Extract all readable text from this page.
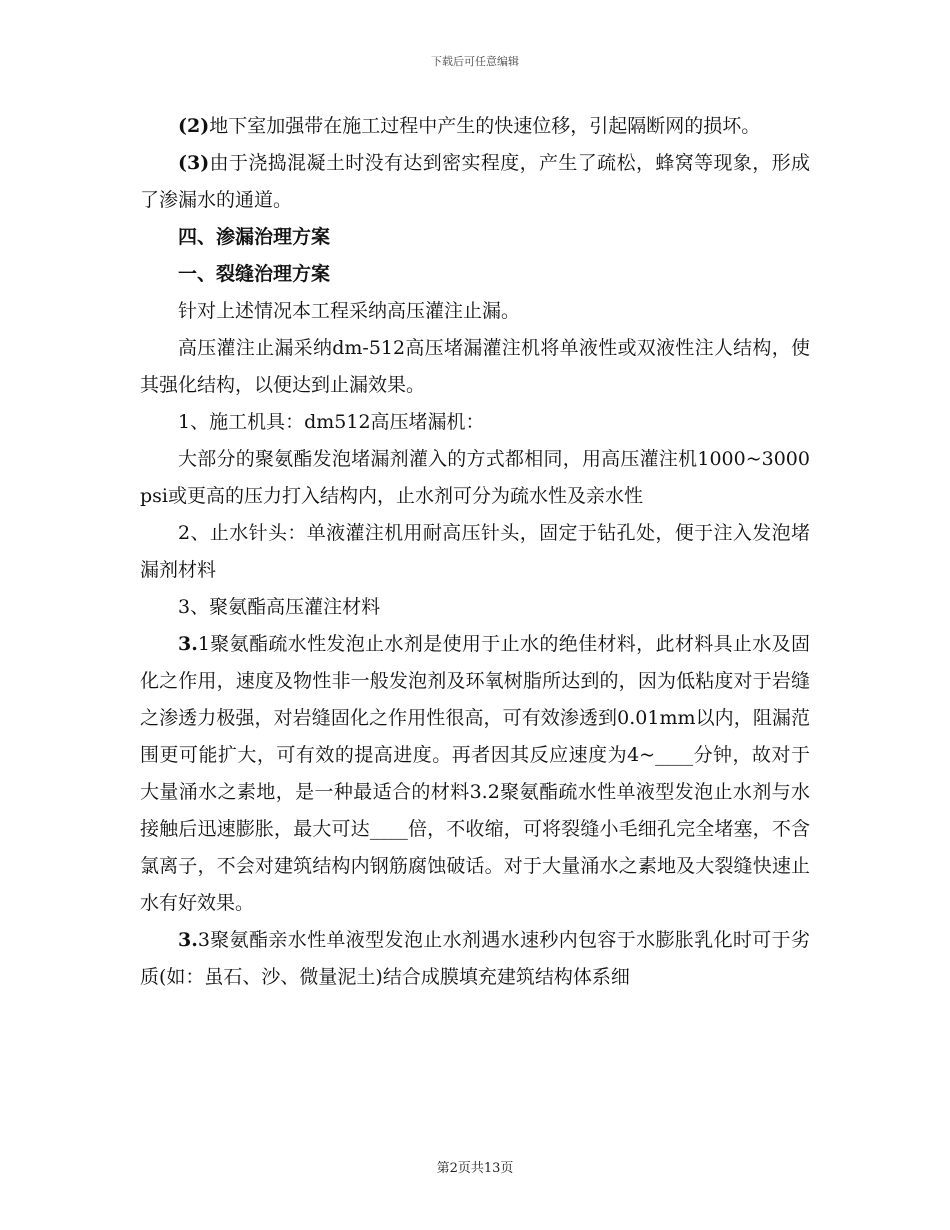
下载后可任意编辑

(2)地下室加强带在施工过程中产生的快速位移，引起隔断网的损坏。

(3)由于浇捣混凝土时没有达到密实程度，产生了疏松，蜂窝等现象，形成了渗漏水的通道。

四、渗漏治理方案

一、裂缝治理方案

针对上述情况本工程采纳高压灌注止漏。

高压灌注止漏采纳dm-512高压堵漏灌注机将单液性或双液性注人结构，使其强化结构，以便达到止漏效果。

1、施工机具：dm512高压堵漏机：

大部分的聚氨酯发泡堵漏剂灌入的方式都相同，用高压灌注机1000~3000psi或更高的压力打入结构内，止水剂可分为疏水性及亲水性

2、止水针头：单液灌注机用耐高压针头，固定于钻孔处，便于注入发泡堵漏剂材料

3、聚氨酯高压灌注材料

3.1聚氨酯疏水性发泡止水剂是使用于止水的绝佳材料，此材料具止水及固化之作用，速度及物性非一般发泡剂及环氧树脂所达到的，因为低粘度对于岩缝之渗透力极强，对岩缝固化之作用性很高，可有效渗透到0.01mm以内，阻漏范围更可能扩大，可有效的提高进度。再者因其反应速度为4~____分钟，故对于大量涌水之素地，是一种最适合的材料3.2聚氨酯疏水性单液型发泡止水剂与水接触后迅速膨胀，最大可达____倍，不收缩，可将裂缝小毛细孔完全堵塞，不含氯离子，不会对建筑结构内钢筋腐蚀破话。对于大量涌水之素地及大裂缝快速止水有好效果。

3.3聚氨酯亲水性单液型发泡止水剂遇水速秒内包容于水膨胀乳化时可于劣质(如：虽石、沙、微量泥土)结合成膜填充建筑结构体系细

第2页共13页
